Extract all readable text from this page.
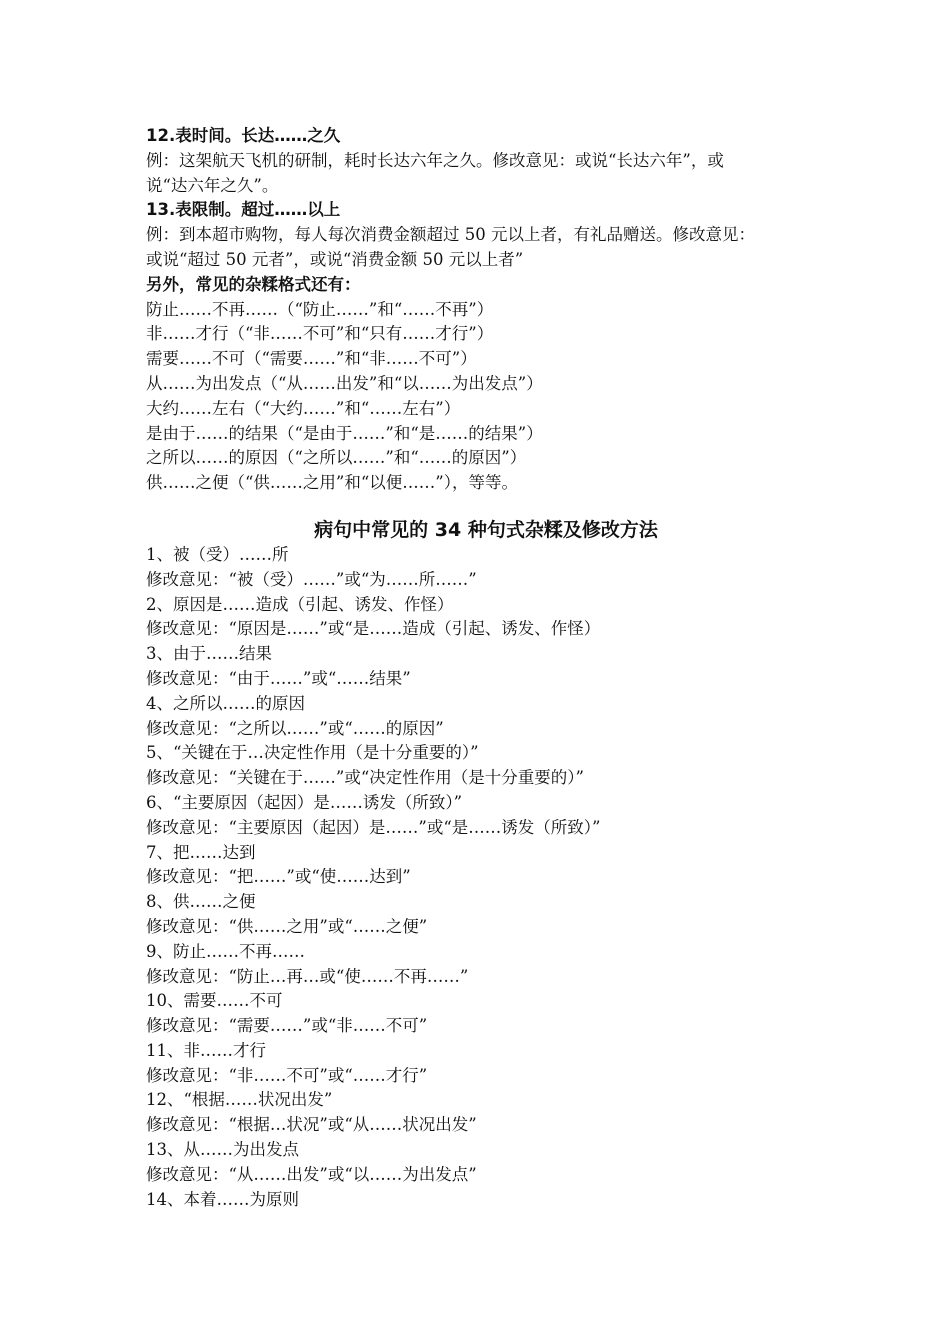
12.表时间。长达……之久
例：这架航天飞机的研制，耗时长达六年之久。修改意见：或说“长达六年”，或
说“达六年之久”。
13.表限制。超过……以上
例：到本超市购物，每人每次消费金额超过 50 元以上者，有礼品赠送。修改意见：
或说“超过 50 元者”，或说“消费金额 50 元以上者”
另外，常见的杂糅格式还有：
防止……不再……（“防止……”和“……不再”）
非……才行（“非……不可”和“只有……才行”）
需要……不可（“需要……”和“非……不可”）
从……为出发点（“从……出发”和“以……为出发点”）
大约……左右（“大约……”和“……左右”）
是由于……的结果（“是由于……”和“是……的结果”）
之所以……的原因（“之所以……”和“……的原因”）
供……之便（“供……之用”和“以便……”），等等。
病句中常见的 34 种句式杂糅及修改方法
1、被（受）……所
修改意见：“被（受）……”或“为……所……”
2、原因是……造成（引起、诱发、作怪）
修改意见：“原因是……”或“是……造成（引起、诱发、作怪）
3、由于……结果
修改意见：“由于……”或“……结果”
4、之所以……的原因
修改意见：“之所以……”或“……的原因”
5、“关键在于…决定性作用（是十分重要的）”
修改意见：“关键在于……”或“决定性作用（是十分重要的）”
6、“主要原因（起因）是……诱发（所致）”
修改意见：“主要原因（起因）是……”或“是……诱发（所致）”
7、把……达到
修改意见：“把……”或“使……达到”
8、供……之便
修改意见：“供……之用”或“……之便”
9、防止……不再……
修改意见：“防止…再…或“使……不再……”
10、需要……不可
修改意见：“需要……”或“非……不可”
11、非……才行
修改意见：“非……不可”或“……才行”
12、“根据……状况出发”
修改意见：“根据…状况”或“从……状况出发”
13、从……为出发点
修改意见：“从……出发”或“以……为出发点”
14、本着……为原则
